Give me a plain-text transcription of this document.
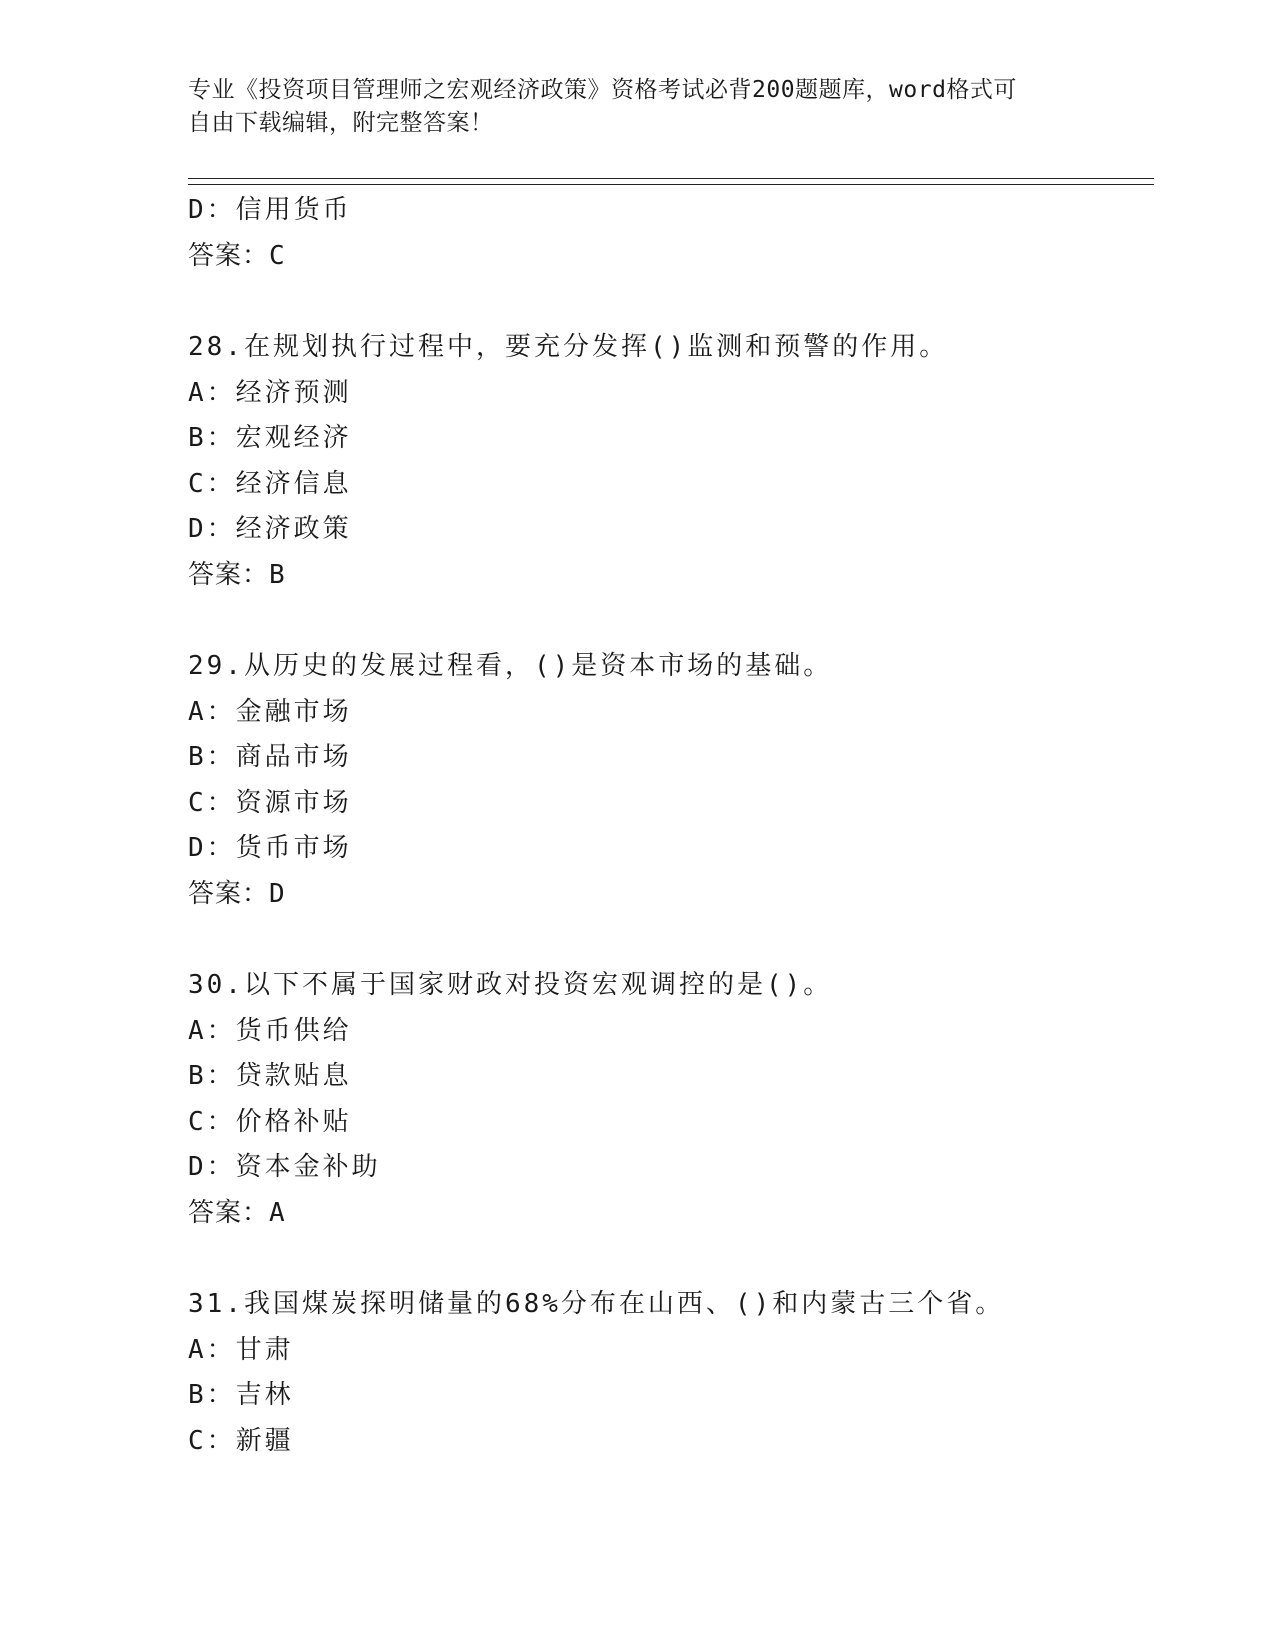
专业《投资项目管理师之宏观经济政策》资格考试必背200题题库，word格式可
自由下载编辑，附完整答案！
D：信用货币
答案：C
28.在规划执行过程中，要充分发挥()监测和预警的作用。
A：经济预测
B：宏观经济
C：经济信息
D：经济政策
答案：B
29.从历史的发展过程看，()是资本市场的基础。
A：金融市场
B：商品市场
C：资源市场
D：货币市场
答案：D
30.以下不属于国家财政对投资宏观调控的是()。
A：货币供给
B：贷款贴息
C：价格补贴
D：资本金补助
答案：A
31.我国煤炭探明储量的68%分布在山西、()和内蒙古三个省。
A：甘肃
B：吉林
C：新疆
